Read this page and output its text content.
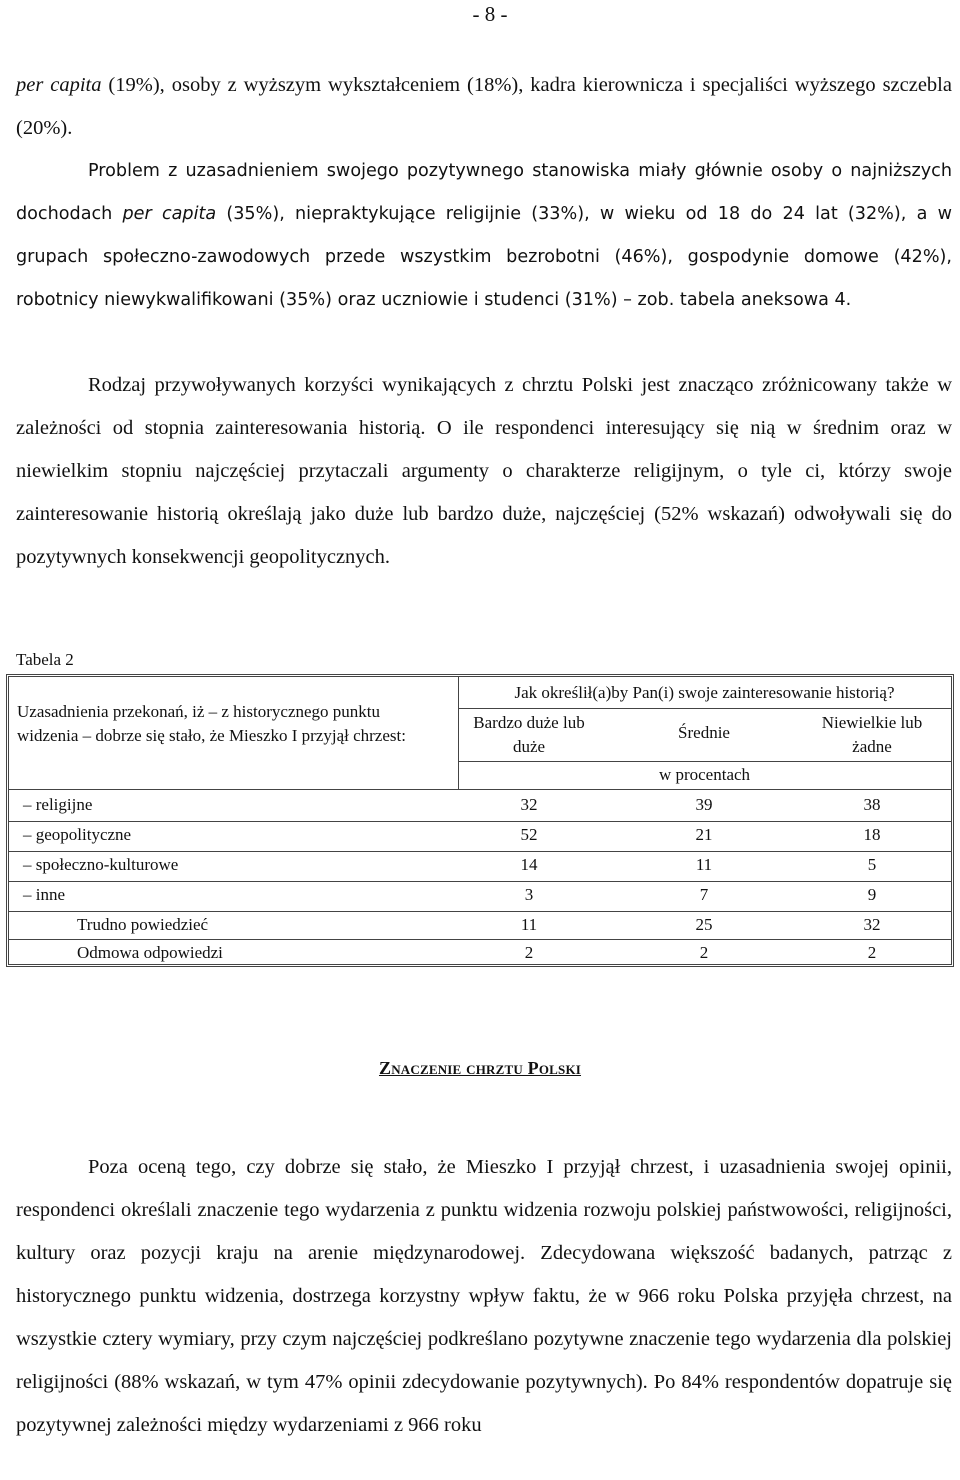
- 8 -

per capita (19%), osoby z wyższym wykształceniem (18%), kadra kierownicza i specjaliści wyższego szczebla (20%).

Problem z uzasadnieniem swojego pozytywnego stanowiska miały głównie osoby o najniższych dochodach per capita (35%), niepraktykujące religijnie (33%), w wieku od 18 do 24 lat (32%), a w grupach społeczno-zawodowych przede wszystkim bezrobotni (46%), gospodynie domowe (42%), robotnicy niewykwalifikowani (35%) oraz uczniowie i studenci (31%) – zob. tabela aneksowa 4.

Rodzaj przywoływanych korzyści wynikających z chrztu Polski jest znacząco zróżnicowany także w zależności od stopnia zainteresowania historią. O ile respondenci interesujący się nią w średnim oraz w niewielkim stopniu najczęściej przytaczali argumenty o charakterze religijnym, o tyle ci, którzy swoje zainteresowanie historią określają jako duże lub bardzo duże, najczęściej (52% wskazań) odwoływali się do pozytywnych konsekwencji geopolitycznych.

Tabela 2
Uzasadnienia przekonań, iż – z historycznego punktu widzenia – dobrze się stało, że Mieszko I przyjął chrzest:
Jak określił(a)by Pan(i) swoje zainteresowanie historią?
Bardzo duże lub duże
Średnie
Niewielkie lub żadne
w procentach
– religijne	32	39	38
– geopolityczne	52	21	18
– społeczno-kulturowe	14	11	5
– inne	3	7	9
Trudno powiedzieć	11	25	32
Odmowa odpowiedzi	2	2	2
Znaczenie chrztu Polski

Poza oceną tego, czy dobrze się stało, że Mieszko I przyjął chrzest, i uzasadnienia swojej opinii, respondenci określali znaczenie tego wydarzenia z punktu widzenia rozwoju polskiej państwowości, religijności, kultury oraz pozycji kraju na arenie międzynarodowej. Zdecydowana większość badanych, patrząc z historycznego punktu widzenia, dostrzega korzystny wpływ faktu, że w 966 roku Polska przyjęła chrzest, na wszystkie cztery wymiary, przy czym najczęściej podkreślano pozytywne znaczenie tego wydarzenia dla polskiej religijności (88% wskazań, w tym 47% opinii zdecydowanie pozytywnych). Po 84% respondentów dopatruje się pozytywnej zależności między wydarzeniami z 966 roku
